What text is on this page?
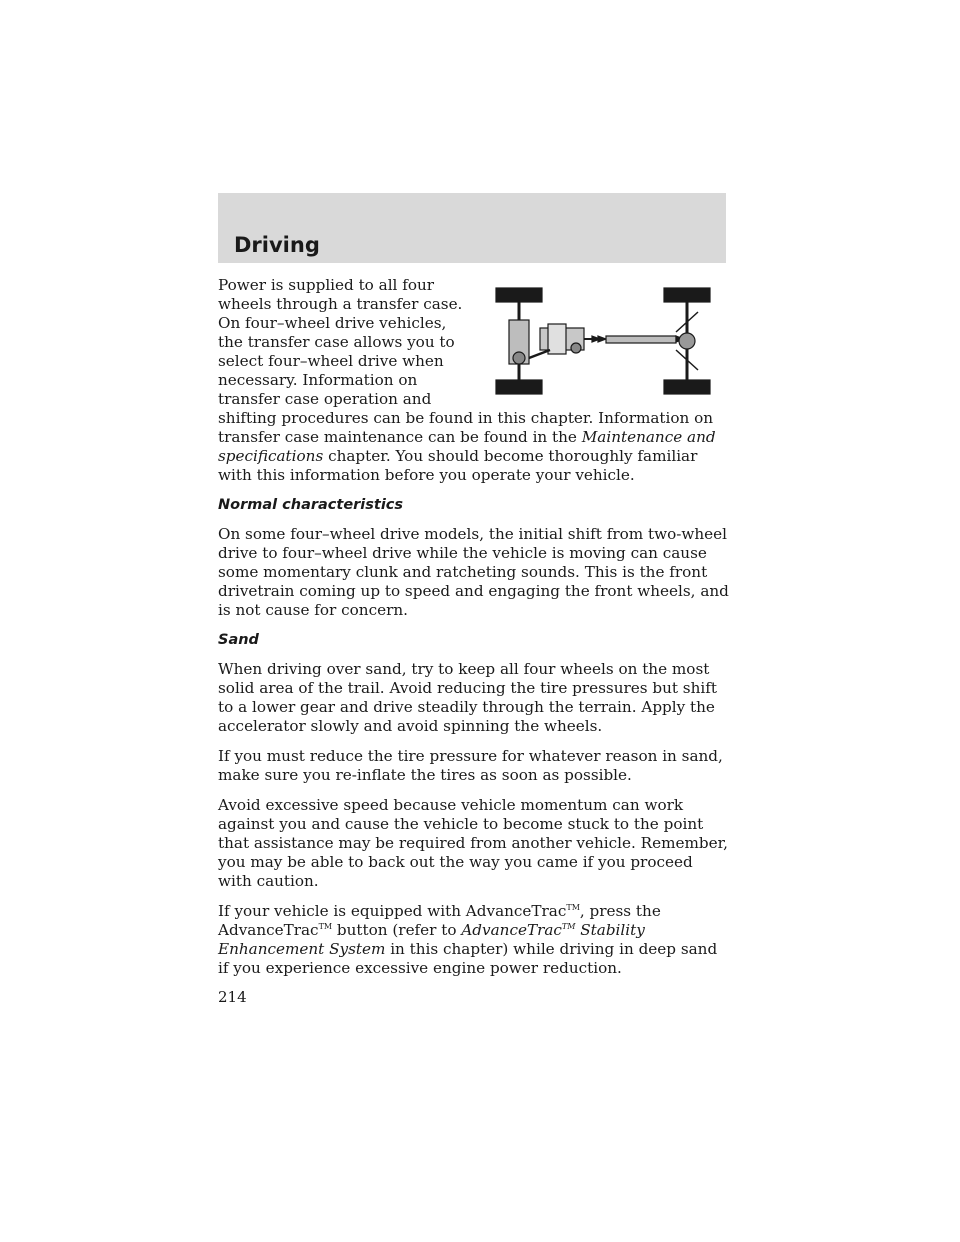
Driving

Power is supplied to all four wheels through a transfer case. On four–wheel drive vehicles, the transfer case allows you to select four–wheel drive when necessary. Information on transfer case operation and shifting procedures can be found in this chapter. Information on transfer case maintenance can be found in the Maintenance and specifications chapter. You should become thoroughly familiar with this information before you operate your vehicle.

Normal characteristics

On some four–wheel drive models, the initial shift from two-wheel drive to four–wheel drive while the vehicle is moving can cause some momentary clunk and ratcheting sounds. This is the front drivetrain coming up to speed and engaging the front wheels, and is not cause for concern.

Sand

When driving over sand, try to keep all four wheels on the most solid area of the trail. Avoid reducing the tire pressures but shift to a lower gear and drive steadily through the terrain. Apply the accelerator slowly and avoid spinning the wheels.

If you must reduce the tire pressure for whatever reason in sand, make sure you re-inflate the tires as soon as possible.

Avoid excessive speed because vehicle momentum can work against you and cause the vehicle to become stuck to the point that assistance may be required from another vehicle. Remember, you may be able to back out the way you came if you proceed with caution.

If your vehicle is equipped with AdvanceTrac™, press the AdvanceTrac™ button (refer to AdvanceTrac™ Stability Enhancement System in this chapter) while driving in deep sand if you experience excessive engine power reduction.

214
